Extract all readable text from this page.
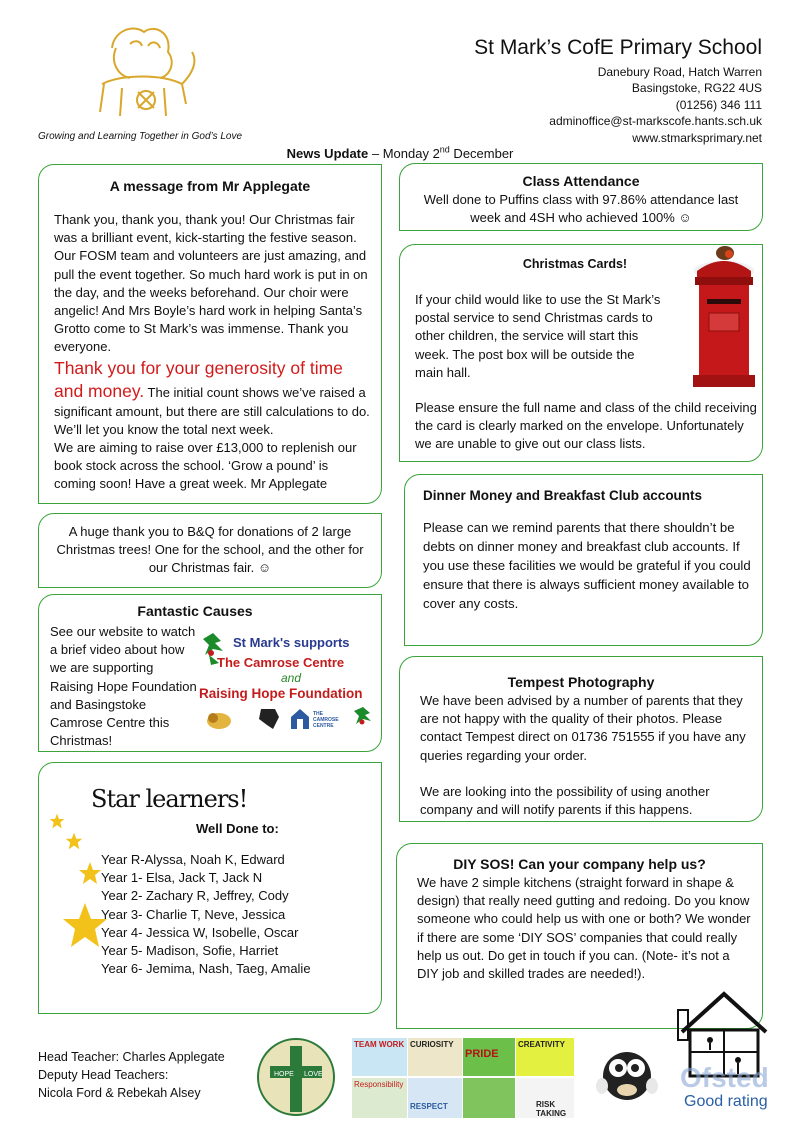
Growing and Learning Together in God’s Love
St Mark’s CofE Primary School
Danebury Road, Hatch Warren
Basingstoke, RG22 4US
(01256) 346 111
adminoffice@st-markscofe.hants.sch.uk
www.stmarksprimary.net
News Update – Monday 2nd December
A message from Mr Applegate

Thank you, thank you, thank you! Our Christmas fair was a brilliant event, kick-starting the festive season. Our FOSM team and volunteers are just amazing, and pull the event together. So much hard work is put in on the day, and the weeks beforehand. Our choir were angelic! And Mrs Boyle’s hard work in helping Santa’s Grotto come to St Mark’s was immense. Thank you everyone.

Thank you for your generosity of time and money. The initial count shows we’ve raised a significant amount, but there are still calculations to do. We’ll let you know the total next week.

We are aiming to raise over £13,000 to replenish our book stock across the school. ‘Grow a pound’ is coming soon! Have a great week. Mr Applegate

A huge thank you to B&Q for donations of 2 large Christmas trees! One for the school, and the other for our Christmas fair. ☺
Fantastic Causes
See our website to watch a brief video about how we are supporting Raising Hope Foundation and Basingstoke Camrose Centre this Christmas!
St Mark's supports
The Camrose Centre
and
Raising Hope Foundation
THE CAMROSE CENTRE
Star learners!
Well Done to:
Year R-Alyssa, Noah K, Edward
Year 1- Elsa, Jack T, Jack N
Year 2- Zachary R, Jeffrey, Cody
Year 3- Charlie T, Neve, Jessica
Year 4- Jessica W, Isobelle, Oscar
Year 5- Madison, Sofie, Harriet
Year 6- Jemima, Nash, Taeg, Amalie
Class Attendance
Well done to Puffins class with 97.86% attendance last week and 4SH who achieved 100% ☺
Christmas Cards!
If your child would like to use the St Mark’s postal service to send Christmas cards to other children, the service will start this week. The post box will be outside the main hall.
Please ensure the full name and class of the child receiving the card is clearly marked on the envelope. Unfortunately we are unable to give out our class lists.
Dinner Money and Breakfast Club accounts
Please can we remind parents that there shouldn’t be debts on dinner money and breakfast club accounts. If you use these facilities we would be grateful if you could ensure that there is always sufficient money available to cover any costs.
Tempest Photography
We have been advised by a number of parents that they are not happy with the quality of their photos. Please contact Tempest direct on 01736 751555 if you have any queries regarding your order.
We are looking into the possibility of using another company and will notify parents if this happens.
DIY SOS! Can your company help us?
We have 2 simple kitchens (straight forward in shape & design) that really need gutting and redoing. Do you know someone who could help us with one or both? We wonder if there are some ‘DIY SOS’ companies that could really help us out. Do get in touch if you can. (Note- it’s not a DIY job and skilled trades are needed!).
Head Teacher: Charles Applegate
Deputy Head Teachers:
Nicola Ford & Rebekah Alsey
HOPE LOVE
TEAM WORK CURIOSITY
PRIDE
CREATIVITY
Responsibility
RESPECT	RISK TAKING
Ofsted
Good rating
